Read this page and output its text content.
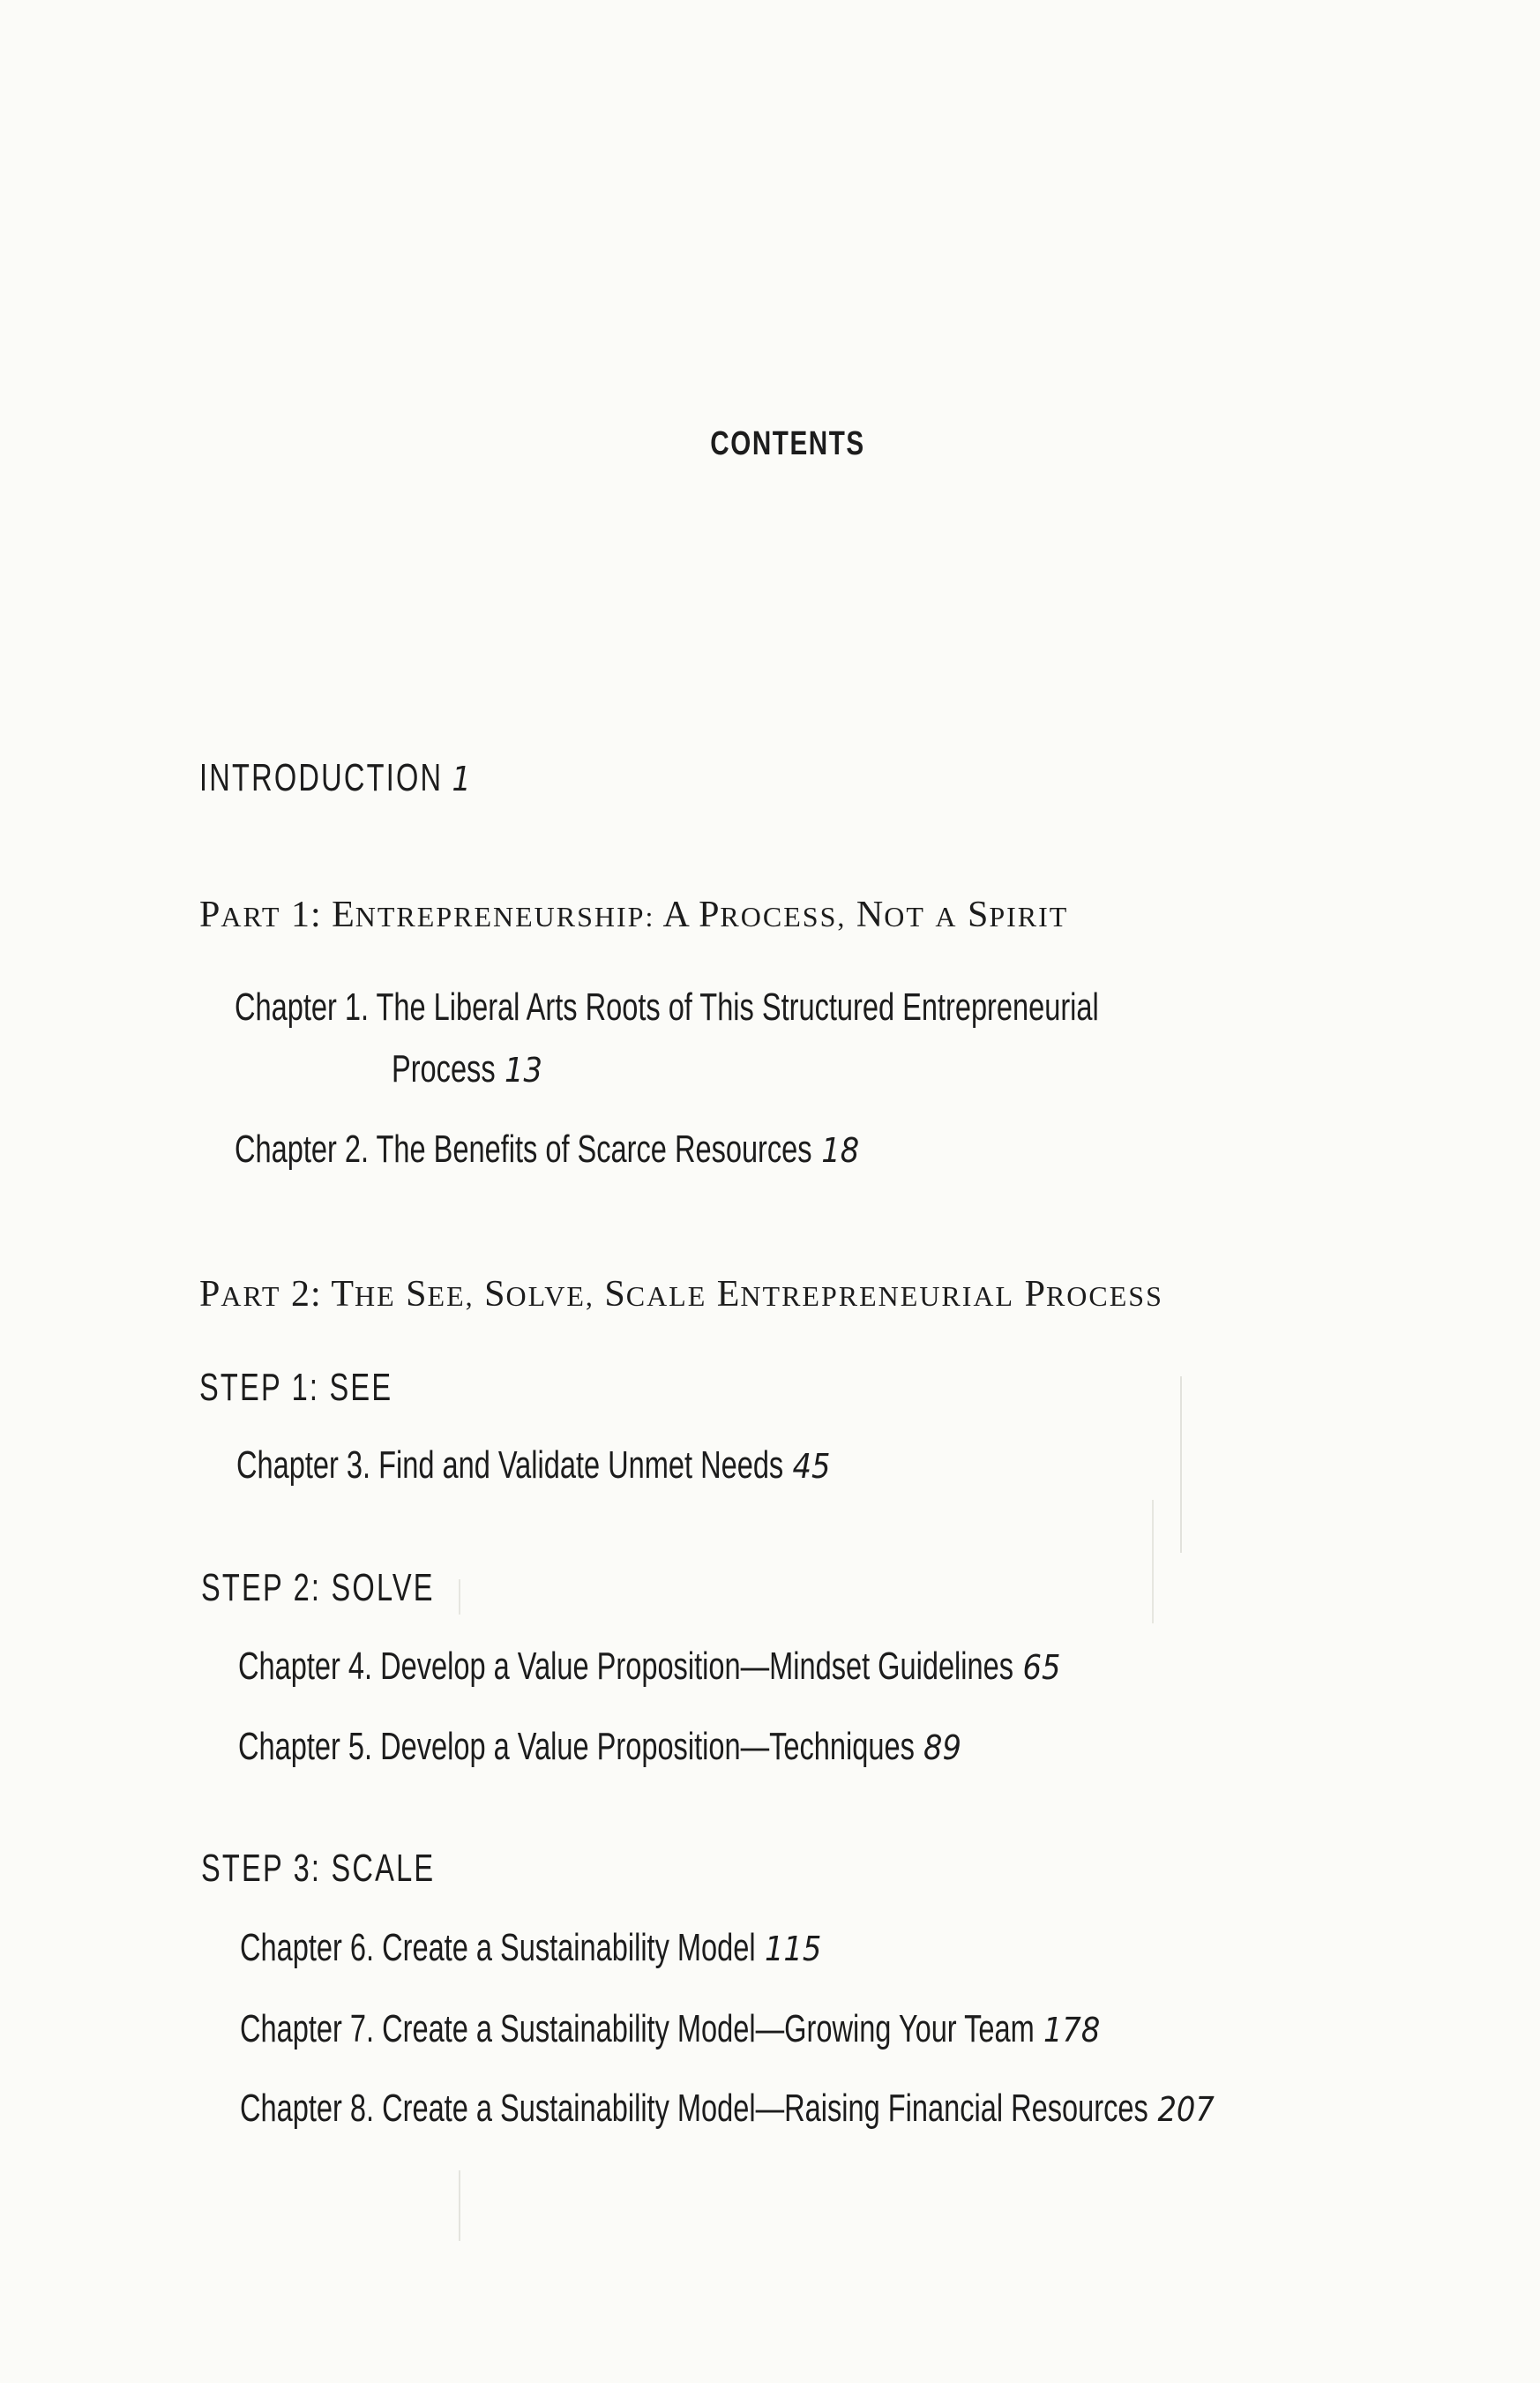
CONTENTS
INTRODUCTION 1
PART 1: ENTREPRENEURSHIP: A PROCESS, NOT A SPIRIT
Chapter 1. The Liberal Arts Roots of This Structured Entrepreneurial
Process 13
Chapter 2. The Benefits of Scarce Resources 18
PART 2: THE SEE, SOLVE, SCALE ENTREPRENEURIAL PROCESS
STEP 1: SEE
Chapter 3. Find and Validate Unmet Needs 45
STEP 2: SOLVE
Chapter 4. Develop a Value Proposition—Mindset Guidelines 65
Chapter 5. Develop a Value Proposition—Techniques 89
STEP 3: SCALE
Chapter 6. Create a Sustainability Model 115
Chapter 7. Create a Sustainability Model—Growing Your Team 178
Chapter 8. Create a Sustainability Model—Raising Financial Resources 207
